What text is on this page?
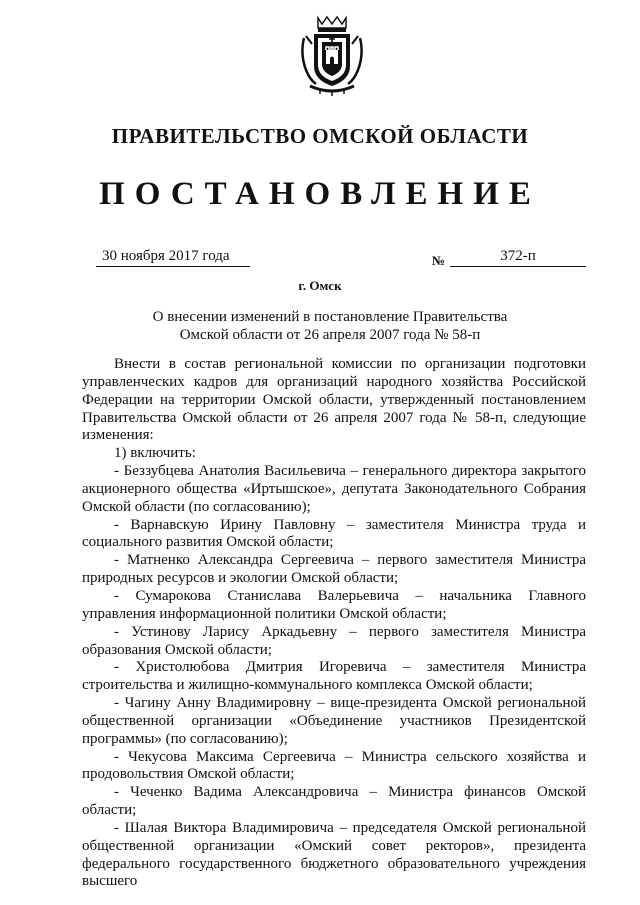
ПРАВИТЕЛЬСТВО ОМСКОЙ ОБЛАСТИ
ПОСТАНОВЛЕНИЕ
30 ноября 2017 года	№	372-п
г. Омск
О внесении изменений в постановление Правительства
Омской области от 26 апреля 2007 года № 58-п

Внести в состав региональной комиссии по организации подготовки управленческих кадров для организаций народного хозяйства Российской Федерации на территории Омской области, утвержденный постановлением Правительства Омской области от 26 апреля 2007 года № 58-п, следующие изменения:

1) включить:

- Беззубцева Анатолия Васильевича – генерального директора закрытого акционерного общества «Иртышское», депутата Законодательного Собрания Омской области (по согласованию);

- Варнавскую Ирину Павловну – заместителя Министра труда и социального развития Омской области;

- Матненко Александра Сергеевича – первого заместителя Министра природных ресурсов и экологии Омской области;

- Сумарокова Станислава Валерьевича – начальника Главного управления информационной политики Омской области;

- Устинову Ларису Аркадьевну – первого заместителя Министра образования Омской области;

- Христолюбова Дмитрия Игоревича – заместителя Министра строительства и жилищно-коммунального комплекса Омской области;

- Чагину Анну Владимировну – вице-президента Омской региональной общественной организации «Объединение участников Президентской программы» (по согласованию);

- Чекусова Максима Сергеевича – Министра сельского хозяйства и продовольствия Омской области;

- Чеченко Вадима Александровича – Министра финансов Омской области;

- Шалая Виктора Владимировича – председателя Омской региональной общественной организации «Омский совет ректоров», президента федерального государственного бюджетного образовательного учреждения высшего
